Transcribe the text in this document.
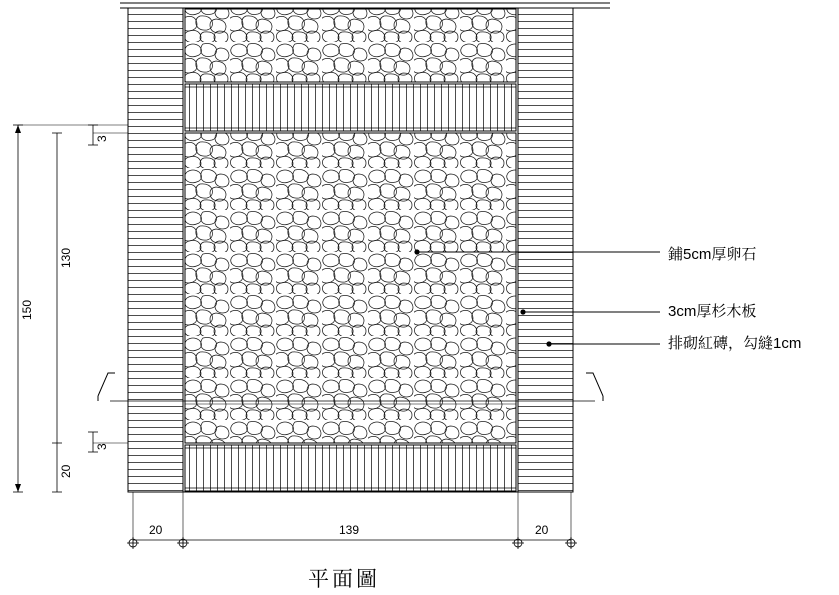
鋪5cm厚卵石
3cm厚杉木板
排砌紅磚，勾縫1cm
150
130
20
3
3
20	139	20
平面圖
